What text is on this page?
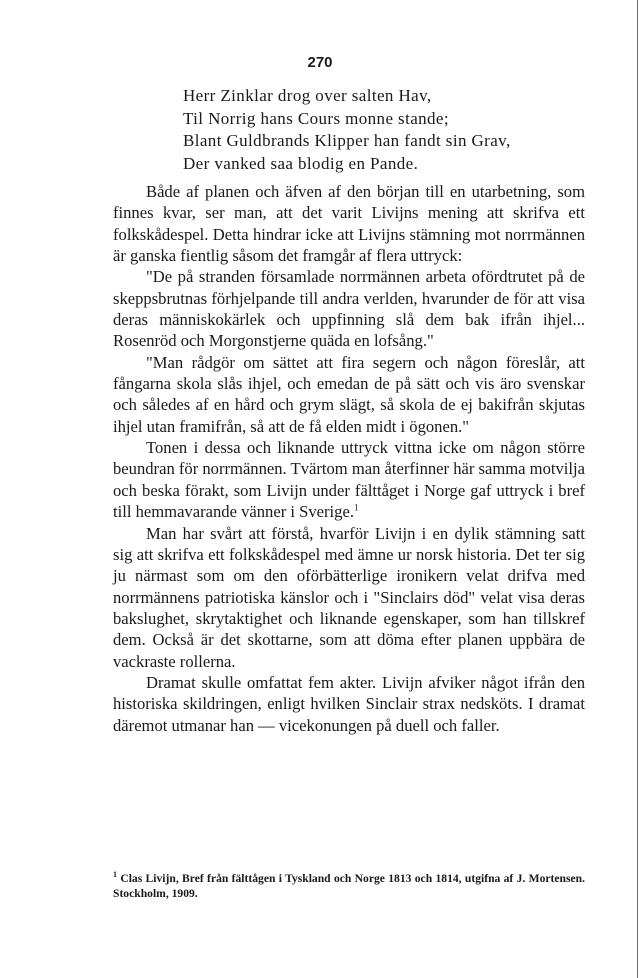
270
Herr Zinklar drog over salten Hav,
Til Norrig hans Cours monne stande;
Blant Guldbrands Klipper han fandt sin Grav,
Der vanked saa blodig en Pande.

Både af planen och äfven af den början till en utarbetning, som finnes kvar, ser man, att det varit Livijns mening att skrifva ett folkskådespel. Detta hindrar icke att Livijns stämning mot norrmännen är ganska fientlig såsom det framgår af flera uttryck:

"De på stranden församlade norrmännen arbeta ofördtrutet på de skeppsbrutnas förhjelpande till andra verlden, hvarunder de för att visa deras människokärlek och uppfinning slå dem bak ifrån ihjel... Rosenröd och Morgonstjerne quäda en lofsång."

"Man rådgör om sättet att fira segern och någon föreslår, att fångarna skola slås ihjel, och emedan de på sätt och vis äro svenskar och således af en hård och grym slägt, så skola de ej bakifrån skjutas ihjel utan framifrån, så att de få elden midt i ögonen."

Tonen i dessa och liknande uttryck vittna icke om någon större beundran för norrmännen. Tvärtom man återfinner här samma motvilja och beska förakt, som Livijn under fälttåget i Norge gaf uttryck i bref till hemmavarande vänner i Sverige.$^1$

Man har svårt att förstå, hvarför Livijn i en dylik stämning satt sig att skrifva ett folkskådespel med ämne ur norsk historia. Det ter sig ju närmast som om den oförbätterlige ironikern velat drifva med norrmännens patriotiska känslor och i "Sinclairs död" velat visa deras bakslughet, skrytaktighet och liknande egenskaper, som han tillskref dem. Också är det skottarne, som att döma efter planen uppbära de vackraste rollerna.

Dramat skulle omfattat fem akter. Livijn afviker något ifrån den historiska skildringen, enligt hvilken Sinclair strax nedsköts. I dramat däremot utmanar han — vicekonungen på duell och faller.

$^1$ Clas Livijn, Bref från fälttågen i Tyskland och Norge 1813 och 1814, utgifna af J. Mortensen. Stockholm, 1909.
